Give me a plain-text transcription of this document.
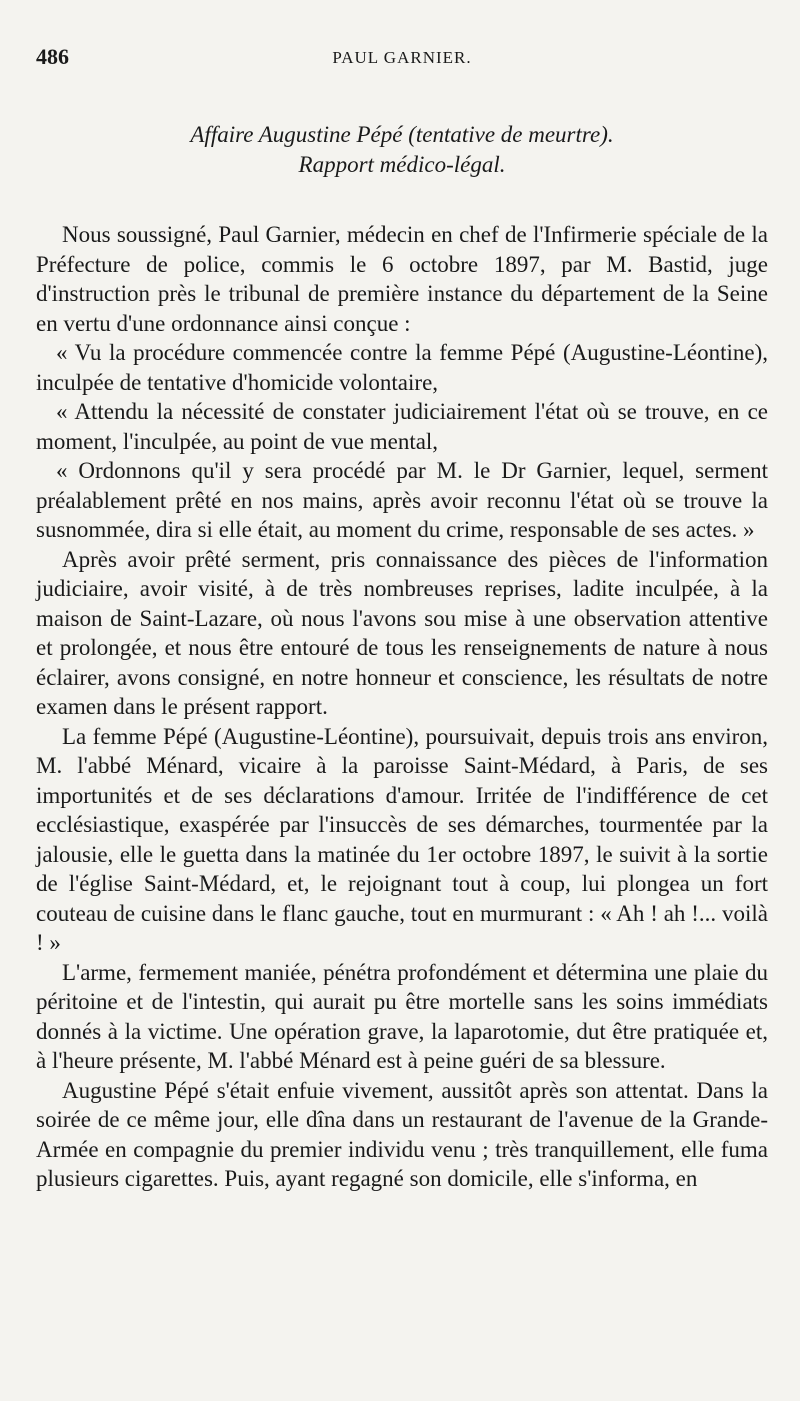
486	PAUL GARNIER.
Affaire Augustine Pépé (tentative de meurtre).
Rapport médico-légal.

Nous soussigné, Paul Garnier, médecin en chef de l'Infirmerie spéciale de la Préfecture de police, commis le 6 octobre 1897, par M. Bastid, juge d'instruction près le tribunal de première instance du département de la Seine en vertu d'une ordonnance ainsi conçue :

« Vu la procédure commencée contre la femme Pépé (Augustine-Léontine), inculpée de tentative d'homicide volontaire,

« Attendu la nécessité de constater judiciairement l'état où se trouve, en ce moment, l'inculpée, au point de vue mental,

« Ordonnons qu'il y sera procédé par M. le Dr Garnier, lequel, serment préalablement prêté en nos mains, après avoir reconnu l'état où se trouve la susnommée, dira si elle était, au moment du crime, responsable de ses actes. »

Après avoir prêté serment, pris connaissance des pièces de l'information judiciaire, avoir visité, à de très nombreuses reprises, ladite inculpée, à la maison de Saint-Lazare, où nous l'avons sou mise à une observation attentive et prolongée, et nous être entouré de tous les renseignements de nature à nous éclairer, avons consigné, en notre honneur et conscience, les résultats de notre examen dans le présent rapport.

La femme Pépé (Augustine-Léontine), poursuivait, depuis trois ans environ, M. l'abbé Ménard, vicaire à la paroisse Saint-Médard, à Paris, de ses importunités et de ses déclarations d'amour. Irritée de l'indifférence de cet ecclésiastique, exaspérée par l'insuccès de ses démarches, tourmentée par la jalousie, elle le guetta dans la matinée du 1er octobre 1897, le suivit à la sortie de l'église Saint-Médard, et, le rejoignant tout à coup, lui plongea un fort couteau de cuisine dans le flanc gauche, tout en murmurant : « Ah ! ah !... voilà ! »

L'arme, fermement maniée, pénétra profondément et détermina une plaie du péritoine et de l'intestin, qui aurait pu être mortelle sans les soins immédiats donnés à la victime. Une opération grave, la laparotomie, dut être pratiquée et, à l'heure présente, M. l'abbé Ménard est à peine guéri de sa blessure.

Augustine Pépé s'était enfuie vivement, aussitôt après son attentat. Dans la soirée de ce même jour, elle dîna dans un restaurant de l'avenue de la Grande-Armée en compagnie du premier individu venu ; très tranquillement, elle fuma plusieurs cigarettes. Puis, ayant regagné son domicile, elle s'informa, en
